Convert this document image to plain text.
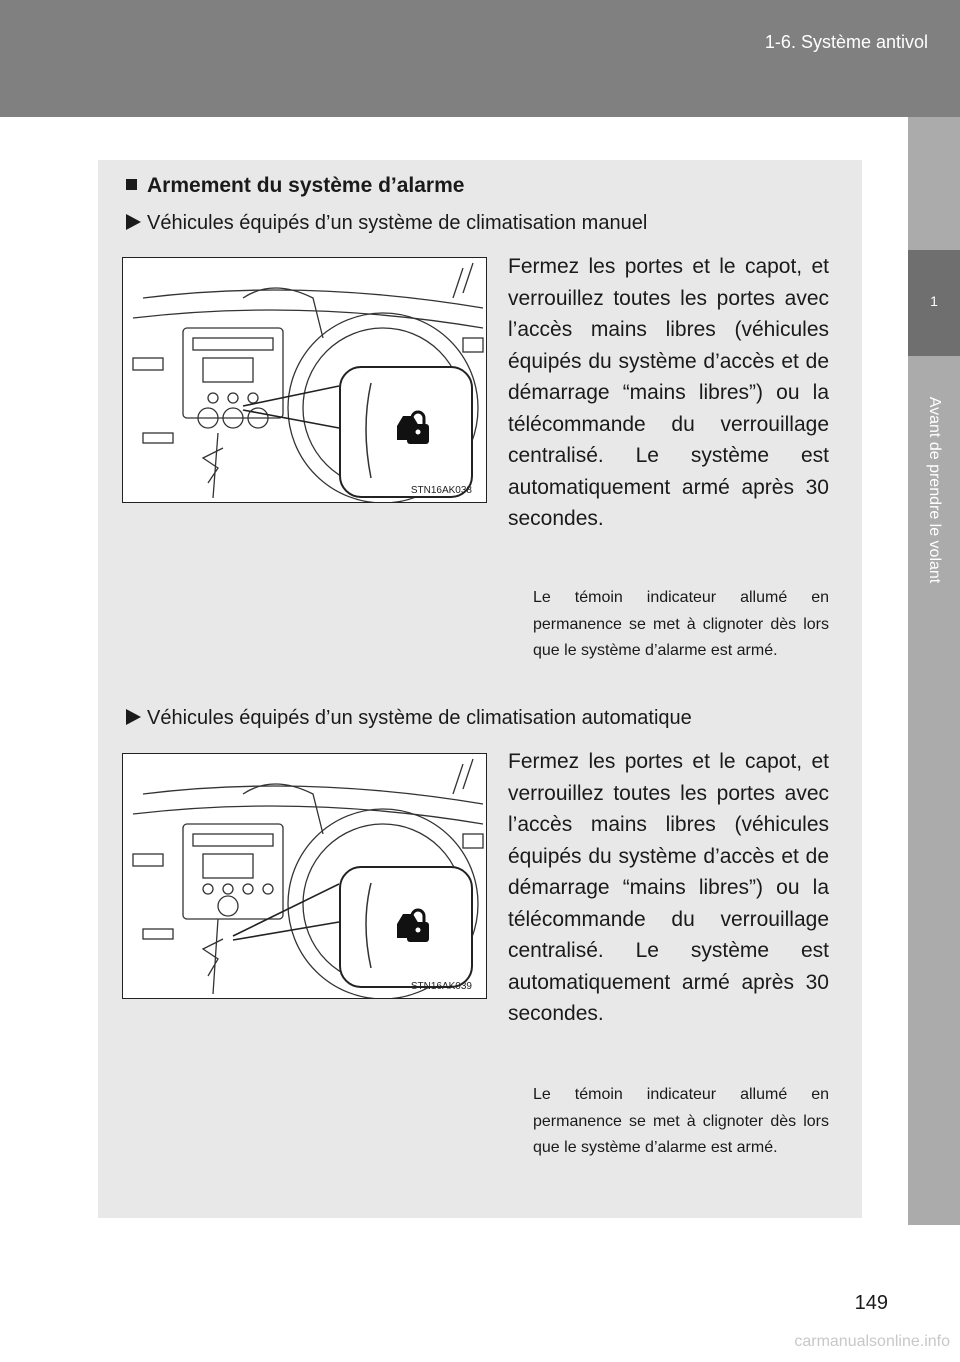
1-6. Système antivol
1
Avant de prendre le volant
Armement du système d’alarme
Véhicules équipés d’un système de climatisation manuel
STN16AK038
Fermez les portes et le capot, et verrouillez toutes les portes avec l’accès mains libres (véhicules équipés du système d’accès et de démarrage “mains libres”) ou la télécommande du verrouillage centralisé. Le système est automatiquement armé après 30 secondes.
Le témoin indicateur allumé en permanence se met à clignoter dès lors que le système d’alarme est armé.
Véhicules équipés d’un système de climatisation automatique
STN16AK039
Fermez les portes et le capot, et verrouillez toutes les portes avec l’accès mains libres (véhicules équipés du système d’accès et de démarrage “mains libres”) ou la télécommande du verrouillage centralisé. Le système est automatiquement armé après 30 secondes.
Le témoin indicateur allumé en permanence se met à clignoter dès lors que le système d’alarme est armé.
149
carmanualsonline.info
